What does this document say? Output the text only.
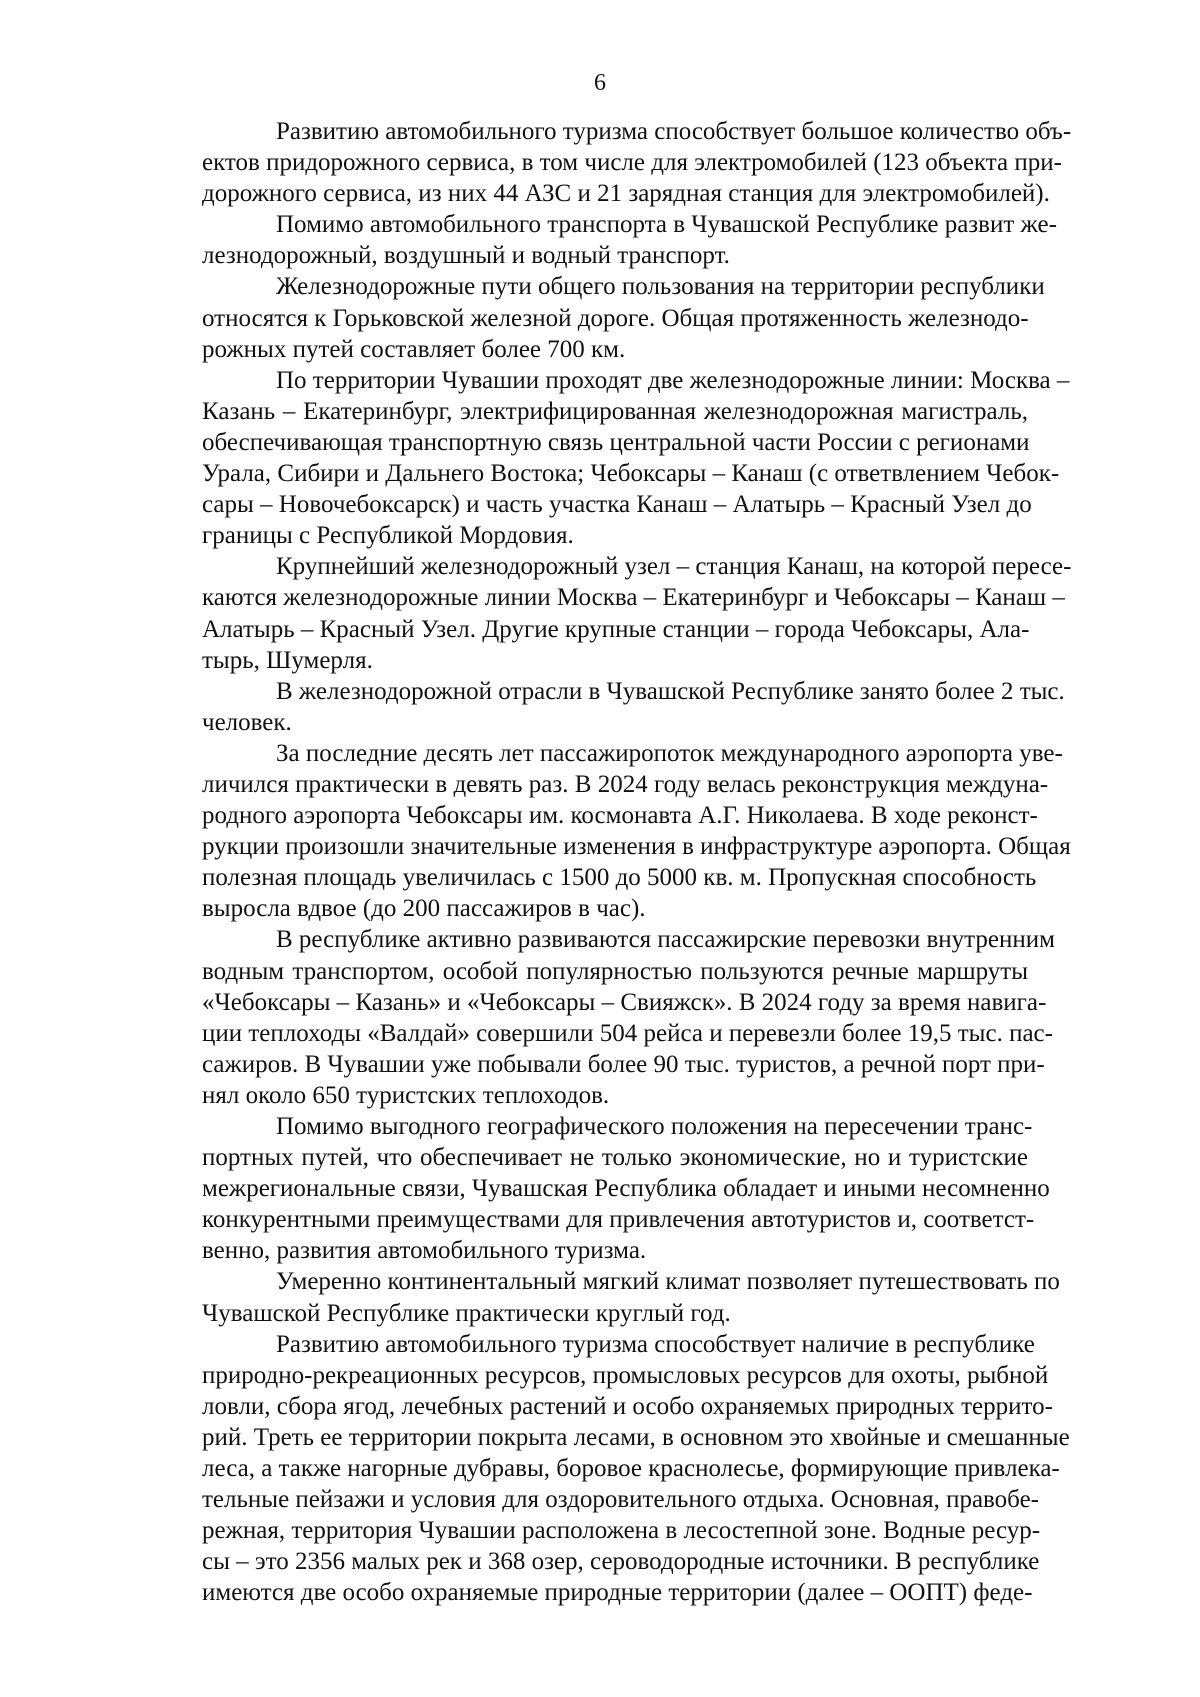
6
Развитию автомобильного туризма способствует большое количество объ-
ектов придорожного сервиса, в том числе для электромобилей (123 объекта при-
дорожного сервиса, из них 44 АЗС и 21 зарядная станция для электромобилей).
Помимо автомобильного транспорта в Чувашской Республике развит же-
лезнодорожный, воздушный и водный транспорт.
Железнодорожные пути общего пользования на территории республики
относятся к Горьковской железной дороге. Общая протяженность железнодо-
рожных путей составляет более 700 км.
По территории Чувашии проходят две железнодорожные линии: Москва –
Казань – Екатеринбург, электрифицированная железнодорожная магистраль,
обеспечивающая транспортную связь центральной части России с регионами
Урала, Сибири и Дальнего Востока; Чебоксары – Канаш (с ответвлением Чебок-
сары – Новочебоксарск) и часть участка Канаш – Алатырь – Красный Узел до
границы с Республикой Мордовия.
Крупнейший железнодорожный узел – станция Канаш, на которой пересе-
каются железнодорожные линии Москва – Екатеринбург и Чебоксары – Канаш –
Алатырь – Красный Узел. Другие крупные станции – города Чебоксары, Ала-
тырь, Шумерля.
В железнодорожной отрасли в Чувашской Республике занято более 2 тыс.
человек.
За последние десять лет пассажиропоток международного аэропорта уве-
личился практически в девять раз. В 2024 году велась реконструкция междуна-
родного аэропорта Чебоксары им. космонавта А.Г. Николаева. В ходе реконст-
рукции произошли значительные изменения в инфраструктуре аэропорта. Общая
полезная площадь увеличилась с 1500 до 5000 кв. м. Пропускная способность
выросла вдвое (до 200 пассажиров в час).
В республике активно развиваются пассажирские перевозки внутренним
водным транспортом, особой популярностью пользуются речные маршруты
«Чебоксары – Казань» и «Чебоксары – Свияжск». В 2024 году за время навига-
ции теплоходы «Валдай» совершили 504 рейса и перевезли более 19,5 тыс. пас-
сажиров. В Чувашии уже побывали более 90 тыс. туристов, а речной порт при-
нял около 650 туристских теплоходов.
Помимо выгодного географического положения на пересечении транс-
портных путей, что обеспечивает не только экономические, но и туристские
межрегиональные связи, Чувашская Республика обладает и иными несомненно
конкурентными преимуществами для привлечения автотуристов и, соответст-
венно, развития автомобильного туризма.
Умеренно континентальный мягкий климат позволяет путешествовать по
Чувашской Республике практически круглый год.
Развитию автомобильного туризма способствует наличие в республике
природно-рекреационных ресурсов, промысловых ресурсов для охоты, рыбной
ловли, сбора ягод, лечебных растений и особо охраняемых природных террито-
рий. Треть ее территории покрыта лесами, в основном это хвойные и смешанные
леса, а также нагорные дубравы, боровое краснолесье, формирующие привлека-
тельные пейзажи и условия для оздоровительного отдыха. Основная, правобе-
режная, территория Чувашии расположена в лесостепной зоне. Водные ресур-
сы – это 2356 малых рек и 368 озер, сероводородные источники. В республике
имеются две особо охраняемые природные территории (далее – ООПТ) феде-
